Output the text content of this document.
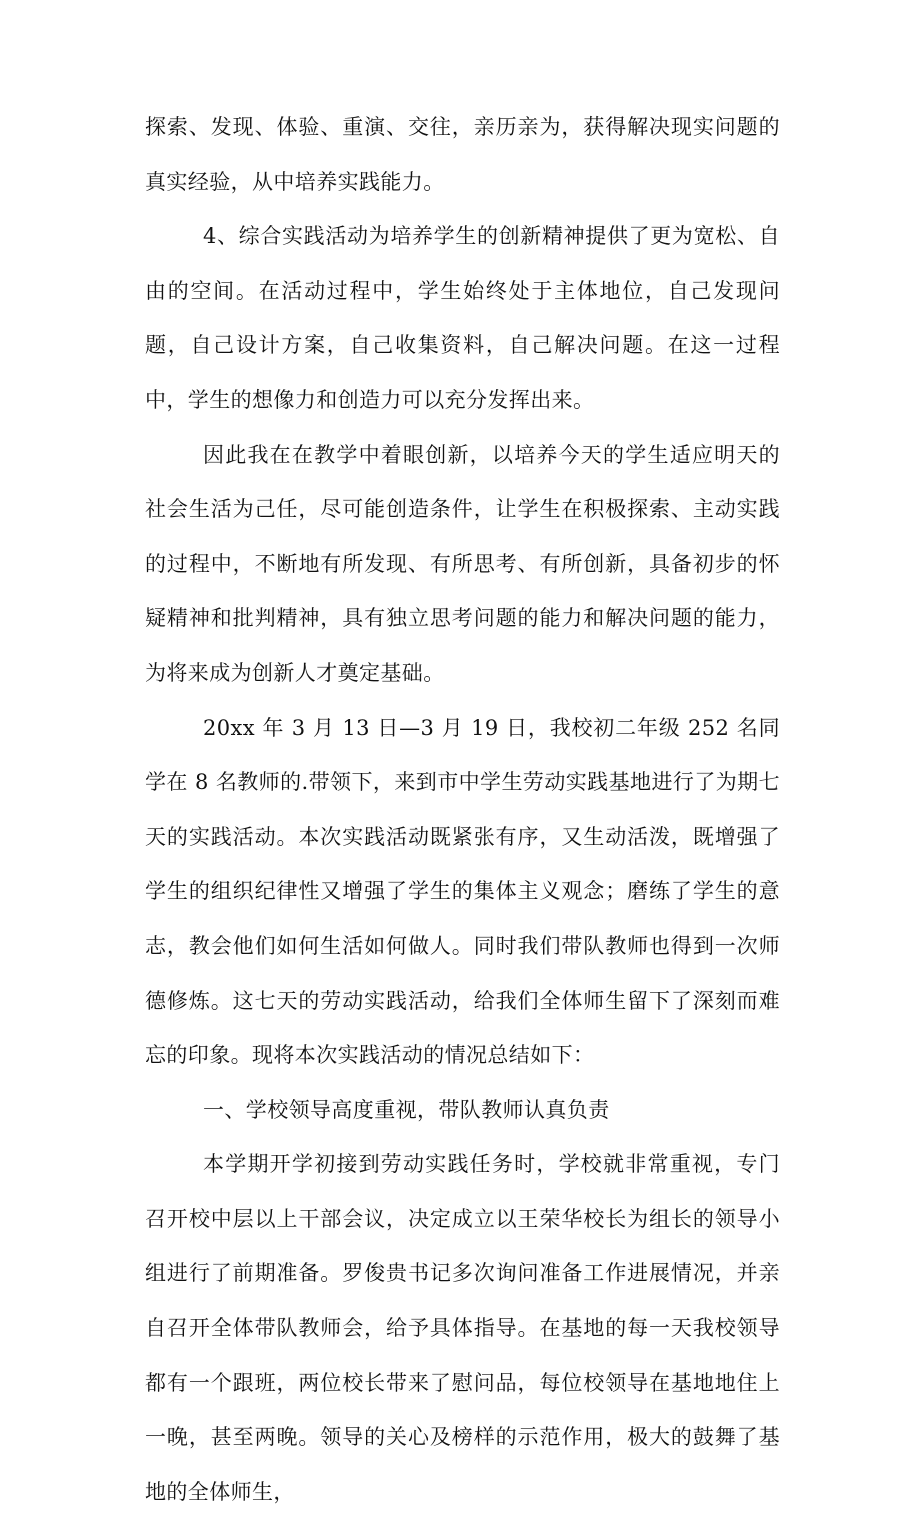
探索、发现、体验、重演、交往，亲历亲为，获得解决现实问题的真实经验，从中培养实践能力。

4、综合实践活动为培养学生的创新精神提供了更为宽松、自由的空间。在活动过程中，学生始终处于主体地位，自己发现问题，自己设计方案，自己收集资料，自己解决问题。在这一过程中，学生的想像力和创造力可以充分发挥出来。

因此我在在教学中着眼创新，以培养今天的学生适应明天的社会生活为己任，尽可能创造条件，让学生在积极探索、主动实践的过程中，不断地有所发现、有所思考、有所创新，具备初步的怀疑精神和批判精神，具有独立思考问题的能力和解决问题的能力，为将来成为创新人才奠定基础。

20xx 年 3 月 13 日—3 月 19 日，我校初二年级 252 名同学在 8 名教师的.带领下，来到市中学生劳动实践基地进行了为期七天的实践活动。本次实践活动既紧张有序，又生动活泼，既增强了学生的组织纪律性又增强了学生的集体主义观念；磨练了学生的意志，教会他们如何生活如何做人。同时我们带队教师也得到一次师德修炼。这七天的劳动实践活动，给我们全体师生留下了深刻而难忘的印象。现将本次实践活动的情况总结如下：

一、学校领导高度重视，带队教师认真负责

本学期开学初接到劳动实践任务时，学校就非常重视，专门召开校中层以上干部会议，决定成立以王荣华校长为组长的领导小组进行了前期准备。罗俊贵书记多次询问准备工作进展情况，并亲自召开全体带队教师会，给予具体指导。在基地的每一天我校领导都有一个跟班，两位校长带来了慰问品，每位校领导在基地地住上一晚，甚至两晚。领导的关心及榜样的示范作用，极大的鼓舞了基地的全体师生，
